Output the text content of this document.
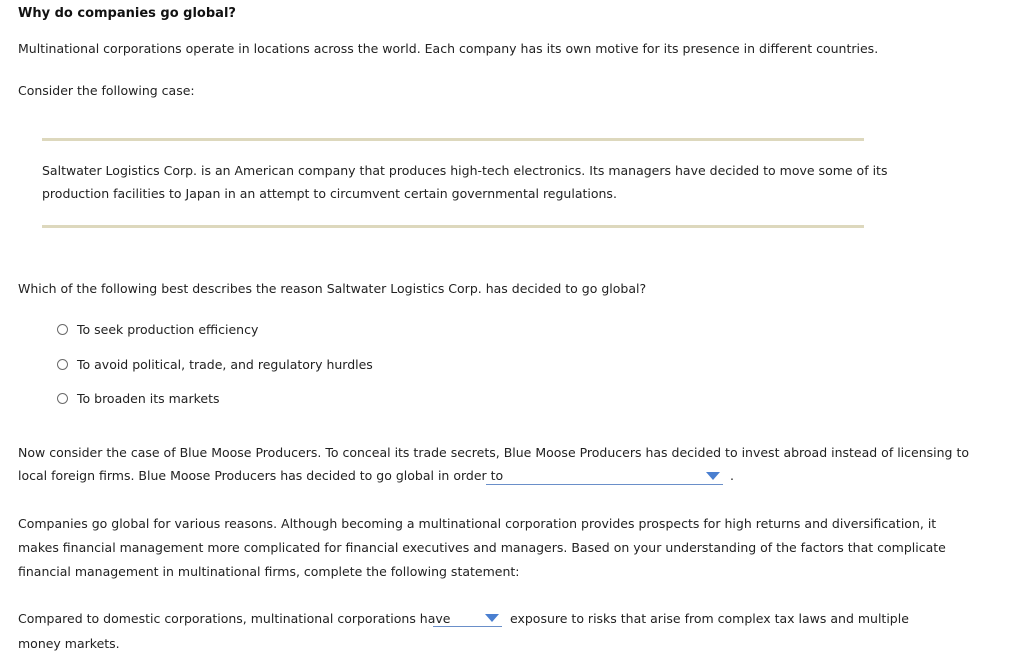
Why do companies go global?
Multinational corporations operate in locations across the world. Each company has its own motive for its presence in different countries.
Consider the following case:
Saltwater Logistics Corp. is an American company that produces high-tech electronics. Its managers have decided to move some of its
production facilities to Japan in an attempt to circumvent certain governmental regulations.
Which of the following best describes the reason Saltwater Logistics Corp. has decided to go global?
To seek production efficiency
To avoid political, trade, and regulatory hurdles
To broaden its markets
Now consider the case of Blue Moose Producers. To conceal its trade secrets, Blue Moose Producers has decided to invest abroad instead of licensing to
local foreign firms. Blue Moose Producers has decided to go global in order to	.
Companies go global for various reasons. Although becoming a multinational corporation provides prospects for high returns and diversification, it
makes financial management more complicated for financial executives and managers. Based on your understanding of the factors that complicate
financial management in multinational firms, complete the following statement:
Compared to domestic corporations, multinational corporations have	exposure to risks that arise from complex tax laws and multiple
money markets.
